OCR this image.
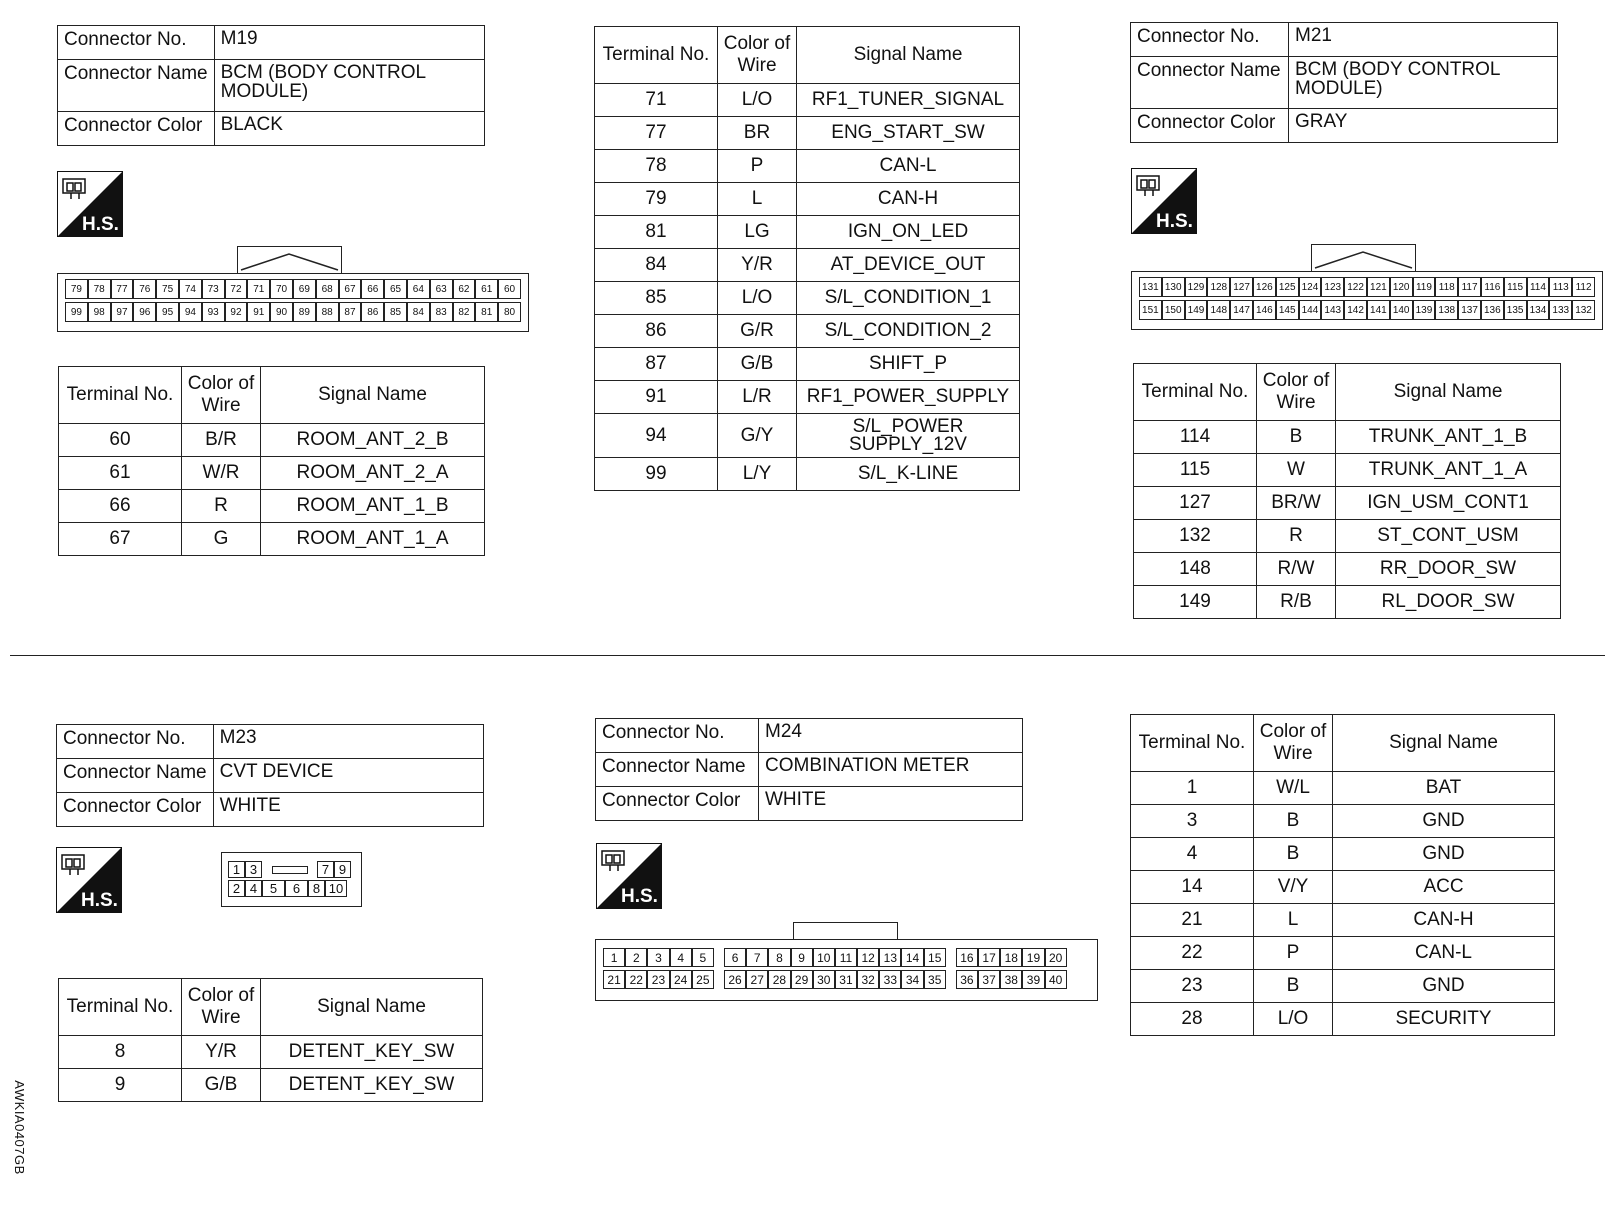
Connector No.	M19
Connector Name	BCM (BODY CONTROL MODULE)
Connector Color	BLACK
H.S.
79	78	77	76	75	74	73	72	71	70	69	68	67	66	65	64	63	62	61	60
99	98	97	96	95	94	93	92	91	90	89	88	87	86	85	84	83	82	81	80
Terminal No.	Color of Wire	Signal Name
60	B/R	ROOM_ANT_2_B
61	W/R	ROOM_ANT_2_A
66	R	ROOM_ANT_1_B
67	G	ROOM_ANT_1_A
Terminal No.	Color of Wire	Signal Name
71	L/O	RF1_TUNER_SIGNAL
77	BR	ENG_START_SW
78	P	CAN-L
79	L	CAN-H
81	LG	IGN_ON_LED
84	Y/R	AT_DEVICE_OUT
85	L/O	S/L_CONDITION_1
86	G/R	S/L_CONDITION_2
87	G/B	SHIFT_P
91	L/R	RF1_POWER_SUPPLY
94	G/Y	S/L_POWER SUPPLY_12V
99	L/Y	S/L_K-LINE
Connector No.	M21
Connector Name	BCM (BODY CONTROL MODULE)
Connector Color	GRAY
H.S.
131 130 129 128 127 126 125 124 123 122 121 120 119 118 117 116 115 114 113 112
151 150 149 148 147 146 145 144 143 142 141 140 139 138 137 136 135 134 133 132
Terminal No.	Color of Wire	Signal Name
114	B	TRUNK_ANT_1_B
115	W	TRUNK_ANT_1_A
127	BR/W	IGN_USM_CONT1
132	R	ST_CONT_USM
148	R/W	RR_DOOR_SW
149	R/B	RL_DOOR_SW
Connector No.	M23
Connector Name	CVT DEVICE
Connector Color	WHITE
H.S.
1 3	7 9
2 4 5	6 8 10
Terminal No.	Color of Wire	Signal Name
8	Y/R	DETENT_KEY_SW
9	G/B	DETENT_KEY_SW
Connector No.	M24
Connector Name	COMBINATION METER
Connector Color	WHITE
H.S.
1	2	3	4	5	6	7	8	9	10 11 12 13 14 15	16 17 18 19 20
21 22 23 24 25	26 27 28 29 30 31 32 33 34 35	36 37 38 39 40
Terminal No.	Color of Wire	Signal Name
1	W/L	BAT
3	B	GND
4	B	GND
14	V/Y	ACC
21	L	CAN-H
22	P	CAN-L
23	B	GND
28	L/O	SECURITY
AWKIA0407GB
